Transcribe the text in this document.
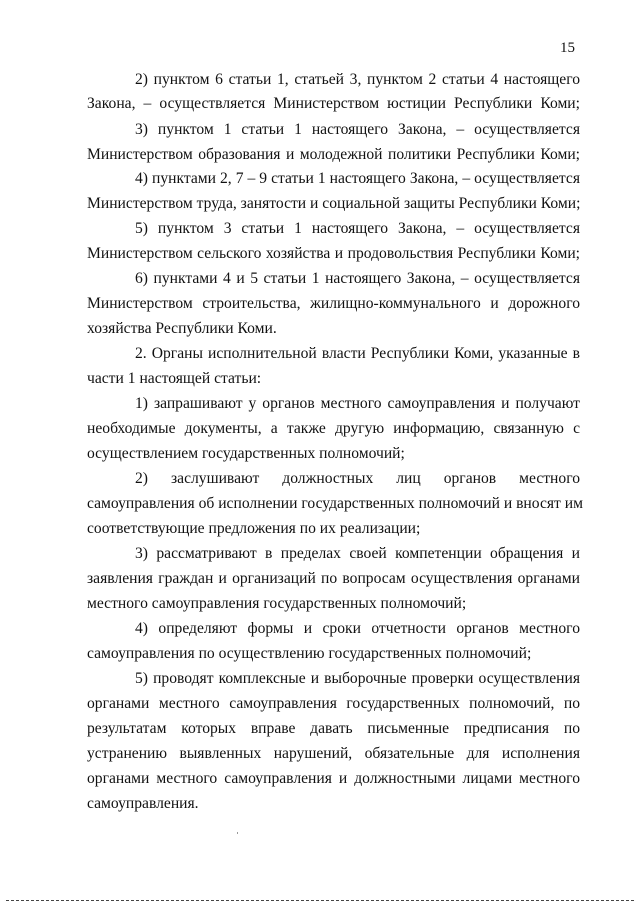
15
2) пунктом 6 статьи 1, статьей 3, пунктом 2 статьи 4 настоящего
Закона, – осуществляется Министерством юстиции Республики Коми;
3) пунктом 1 статьи 1 настоящего Закона, – осуществляется
Министерством образования и молодежной политики Республики Коми;
4) пунктами 2, 7 – 9 статьи 1 настоящего Закона, – осуществляется
Министерством труда, занятости и социальной защиты Республики Коми;
5) пунктом 3 статьи 1 настоящего Закона, – осуществляется
Министерством сельского хозяйства и продовольствия Республики Коми;
6) пунктами 4 и 5 статьи 1 настоящего Закона, – осуществляется
Министерством строительства, жилищно-коммунального и дорожного
хозяйства Республики Коми.
2. Органы исполнительной власти Республики Коми, указанные в
части 1 настоящей статьи:
1) запрашивают у органов местного самоуправления и получают
необходимые документы, а также другую информацию, связанную с
осуществлением государственных полномочий;
2) заслушивают должностных лиц органов местного
самоуправления об исполнении государственных полномочий и вносят им
соответствующие предложения по их реализации;
3) рассматривают в пределах своей компетенции обращения и
заявления граждан и организаций по вопросам осуществления органами
местного самоуправления государственных полномочий;
4) определяют формы и сроки отчетности органов местного
самоуправления по осуществлению государственных полномочий;
5) проводят комплексные и выборочные проверки осуществления
органами местного самоуправления государственных полномочий, по
результатам которых вправе давать письменные предписания по
устранению выявленных нарушений, обязательные для исполнения
органами местного самоуправления и должностными лицами местного
самоуправления.
